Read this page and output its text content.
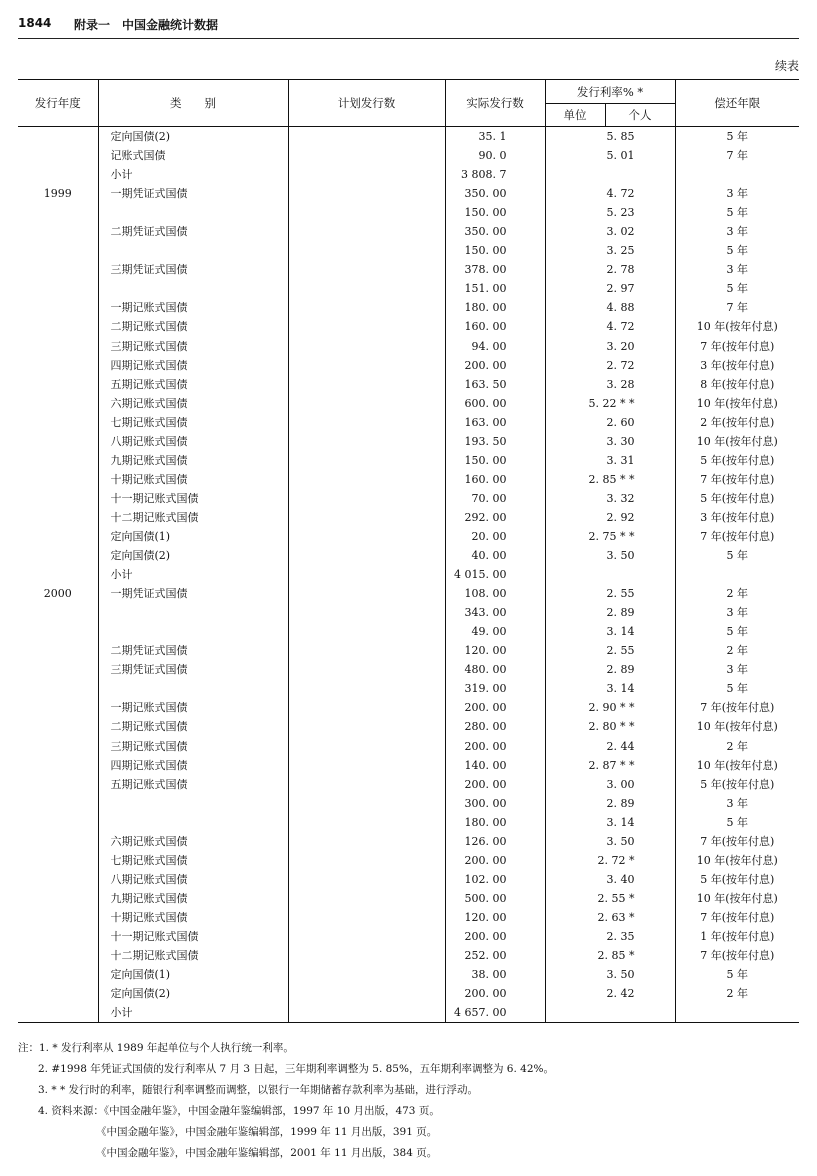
1844 附录一　中国金融统计数据
续表
发行年度	类　　别	计划发行数	实际发行数	发行利率% *		偿还年限
				单位	个人	
	定向国债(2)		35. 1	5. 85		5 年
	记账式国债		90. 0	5. 01		7 年
	小计		3 808. 7			
1999	一期凭证式国债		350. 00	4. 72		3 年
			150. 00	5. 23		5 年
	二期凭证式国债		350. 00	3. 02		3 年
			150. 00	3. 25		5 年
	三期凭证式国债		378. 00	2. 78		3 年
			151. 00	2. 97		5 年
	一期记账式国债		180. 00	4. 88		7 年
	二期记账式国债		160. 00	4. 72		10 年(按年付息)
	三期记账式国债		94. 00	3. 20		7 年(按年付息)
	四期记账式国债		200. 00	2. 72		3 年(按年付息)
	五期记账式国债		163. 50	3. 28		8 年(按年付息)
	六期记账式国债		600. 00	5. 22 * *		10 年(按年付息)
	七期记账式国债		163. 00	2. 60		2 年(按年付息)
	八期记账式国债		193. 50	3. 30		10 年(按年付息)
	九期记账式国债		150. 00	3. 31		5 年(按年付息)
	十期记账式国债		160. 00	2. 85 * *		7 年(按年付息)
	十一期记账式国债		70. 00	3. 32		5 年(按年付息)
	十二期记账式国债		292. 00	2. 92		3 年(按年付息)
	定向国债(1)		20. 00	2. 75 * *		7 年(按年付息)
	定向国债(2)		40. 00	3. 50		5 年
	小计		4 015. 00			
2000	一期凭证式国债		108. 00	2. 55		2 年
			343. 00	2. 89		3 年
			49. 00	3. 14		5 年
	二期凭证式国债		120. 00	2. 55		2 年
	三期凭证式国债		480. 00	2. 89		3 年
			319. 00	3. 14		5 年
	一期记账式国债		200. 00	2. 90 * *		7 年(按年付息)
	二期记账式国债		280. 00	2. 80 * *		10 年(按年付息)
	三期记账式国债		200. 00	2. 44		2 年
	四期记账式国债		140. 00	2. 87 * *		10 年(按年付息)
	五期记账式国债		200. 00	3. 00		5 年(按年付息)
			300. 00	2. 89		3 年
			180. 00	3. 14		5 年
	六期记账式国债		126. 00	3. 50		7 年(按年付息)
	七期记账式国债		200. 00	2. 72 *		10 年(按年付息)
	八期记账式国债		102. 00	3. 40		5 年(按年付息)
	九期记账式国债		500. 00	2. 55 *		10 年(按年付息)
	十期记账式国债		120. 00	2. 63 *		7 年(按年付息)
	十一期记账式国债		200. 00	2. 35		1 年(按年付息)
	十二期记账式国债		252. 00	2. 85 *		7 年(按年付息)
	定向国债(1)		38. 00	3. 50		5 年
	定向国债(2)		200. 00	2. 42		2 年
	小计		4 657. 00			
注：1. * 发行利率从 1989 年起单位与个人执行统一利率。
2. #1998 年凭证式国债的发行利率从 7 月 3 日起，三年期利率调整为 5. 85%，五年期利率调整为 6. 42%。
3. * * 发行时的利率，随银行利率调整而调整，以银行一年期储蓄存款利率为基础，进行浮动。
4. 资料来源：《中国金融年鉴》，中国金融年鉴编辑部，1997 年 10 月出版，473 页。
《中国金融年鉴》，中国金融年鉴编辑部，1999 年 11 月出版，391 页。
《中国金融年鉴》，中国金融年鉴编辑部，2001 年 11 月出版，384 页。
